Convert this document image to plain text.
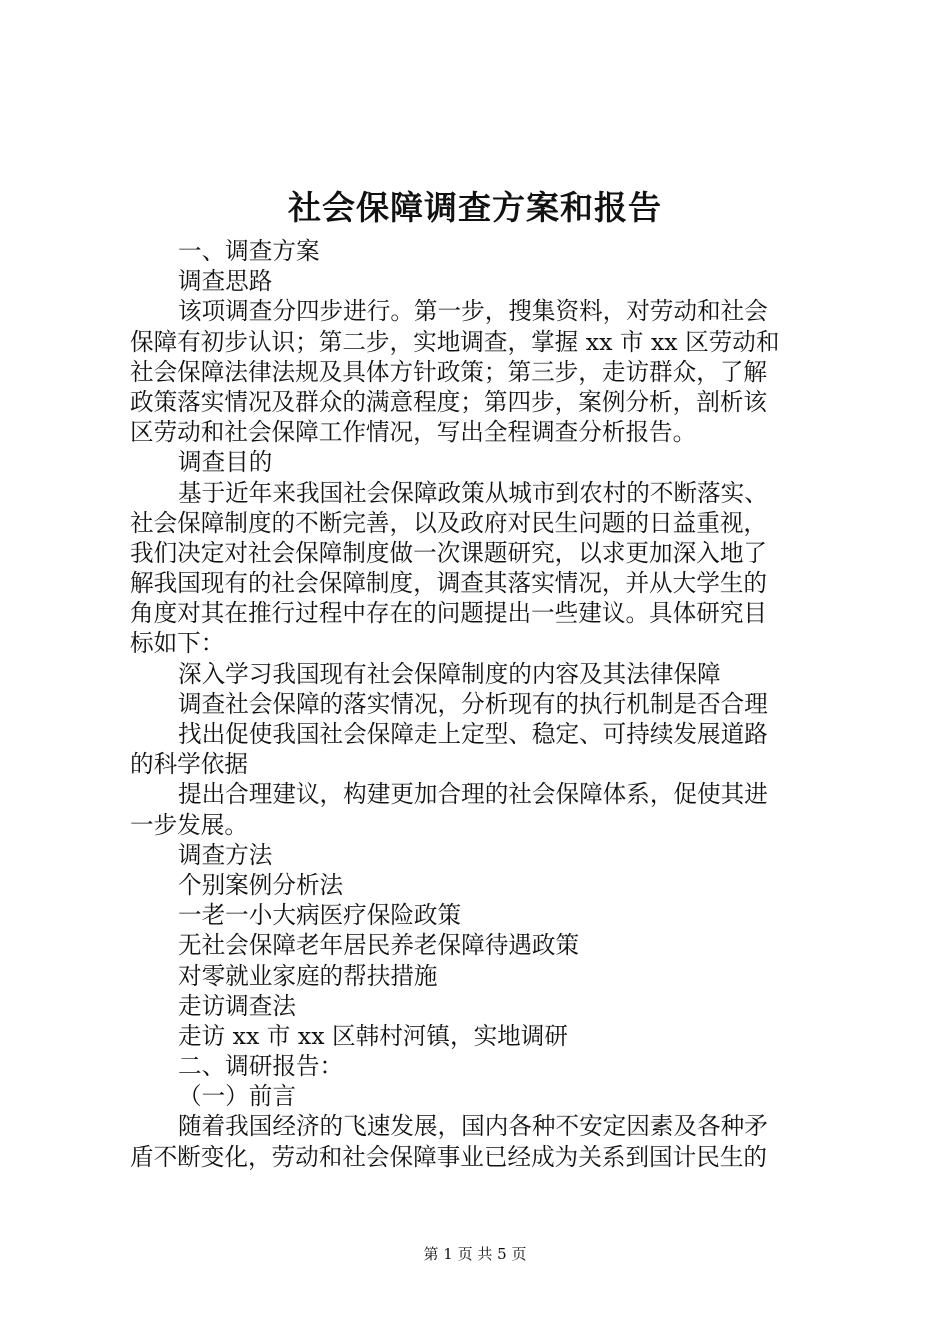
社会保障调查方案和报告
一、调查方案
调查思路
该项调查分四步进行。第一步，搜集资料，对劳动和社会
保障有初步认识；第二步，实地调查，掌握 xx 市 xx 区劳动和
社会保障法律法规及具体方针政策；第三步，走访群众，了解
政策落实情况及群众的满意程度；第四步，案例分析，剖析该
区劳动和社会保障工作情况，写出全程调查分析报告。
调查目的
基于近年来我国社会保障政策从城市到农村的不断落实、
社会保障制度的不断完善，以及政府对民生问题的日益重视，
我们决定对社会保障制度做一次课题研究，以求更加深入地了
解我国现有的社会保障制度，调查其落实情况，并从大学生的
角度对其在推行过程中存在的问题提出一些建议。具体研究目
标如下：
深入学习我国现有社会保障制度的内容及其法律保障
调查社会保障的落实情况，分析现有的执行机制是否合理
找出促使我国社会保障走上定型、稳定、可持续发展道路
的科学依据
提出合理建议，构建更加合理的社会保障体系，促使其进
一步发展。
调查方法
个别案例分析法
一老一小大病医疗保险政策
无社会保障老年居民养老保障待遇政策
对零就业家庭的帮扶措施
走访调查法
走访 xx 市 xx 区韩村河镇，实地调研
二、调研报告：
（一）前言
随着我国经济的飞速发展，国内各种不安定因素及各种矛
盾不断变化，劳动和社会保障事业已经成为关系到国计民生的
第 1 页 共 5 页
